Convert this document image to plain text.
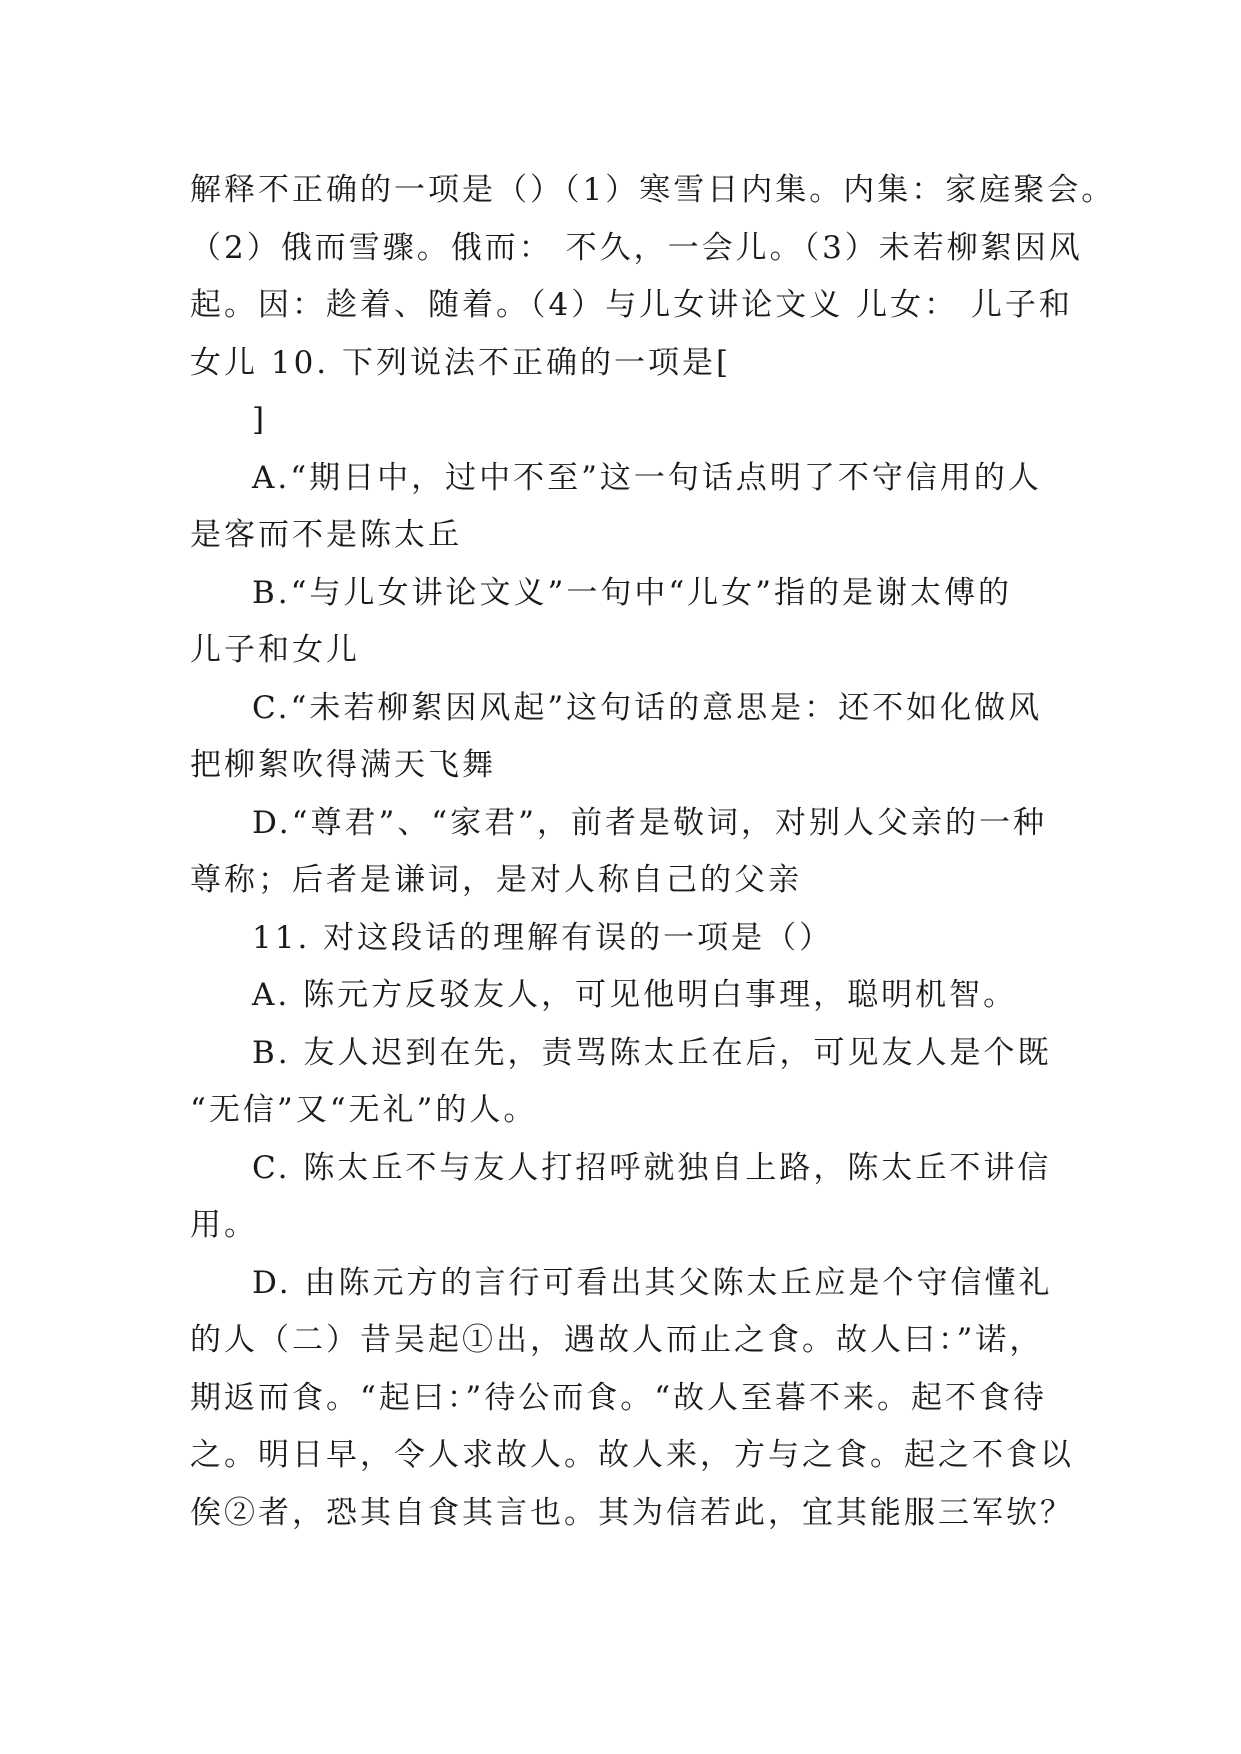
解释不正确的一项是（）（1）寒雪日内集。内集：家庭聚会。
（2）俄而雪骤。俄而： 不久，一会儿。（3）未若柳絮因风
起。因：趁着、随着。（4）与儿女讲论文义 儿女： 儿子和
女儿 10. 下列说法不正确的一项是[
]
A.“期日中，过中不至”这一句话点明了不守信用的人
是客而不是陈太丘
B.“与儿女讲论文义”一句中“儿女”指的是谢太傅的
儿子和女儿
C.“未若柳絮因风起”这句话的意思是：还不如化做风
把柳絮吹得满天飞舞
D.“尊君”、“家君”，前者是敬词，对别人父亲的一种
尊称；后者是谦词，是对人称自己的父亲
11. 对这段话的理解有误的一项是（）
A. 陈元方反驳友人，可见他明白事理，聪明机智。
B. 友人迟到在先，责骂陈太丘在后，可见友人是个既
“无信”又“无礼”的人。
C. 陈太丘不与友人打招呼就独自上路，陈太丘不讲信
用。
D. 由陈元方的言行可看出其父陈太丘应是个守信懂礼
的人（二）昔吴起①出，遇故人而止之食。故人曰：”诺，
期返而食。“起曰：”待公而食。“故人至暮不来。起不食待
之。明日早，令人求故人。故人来，方与之食。起之不食以
俟②者，恐其自食其言也。其为信若此，宜其能服三军欤？
